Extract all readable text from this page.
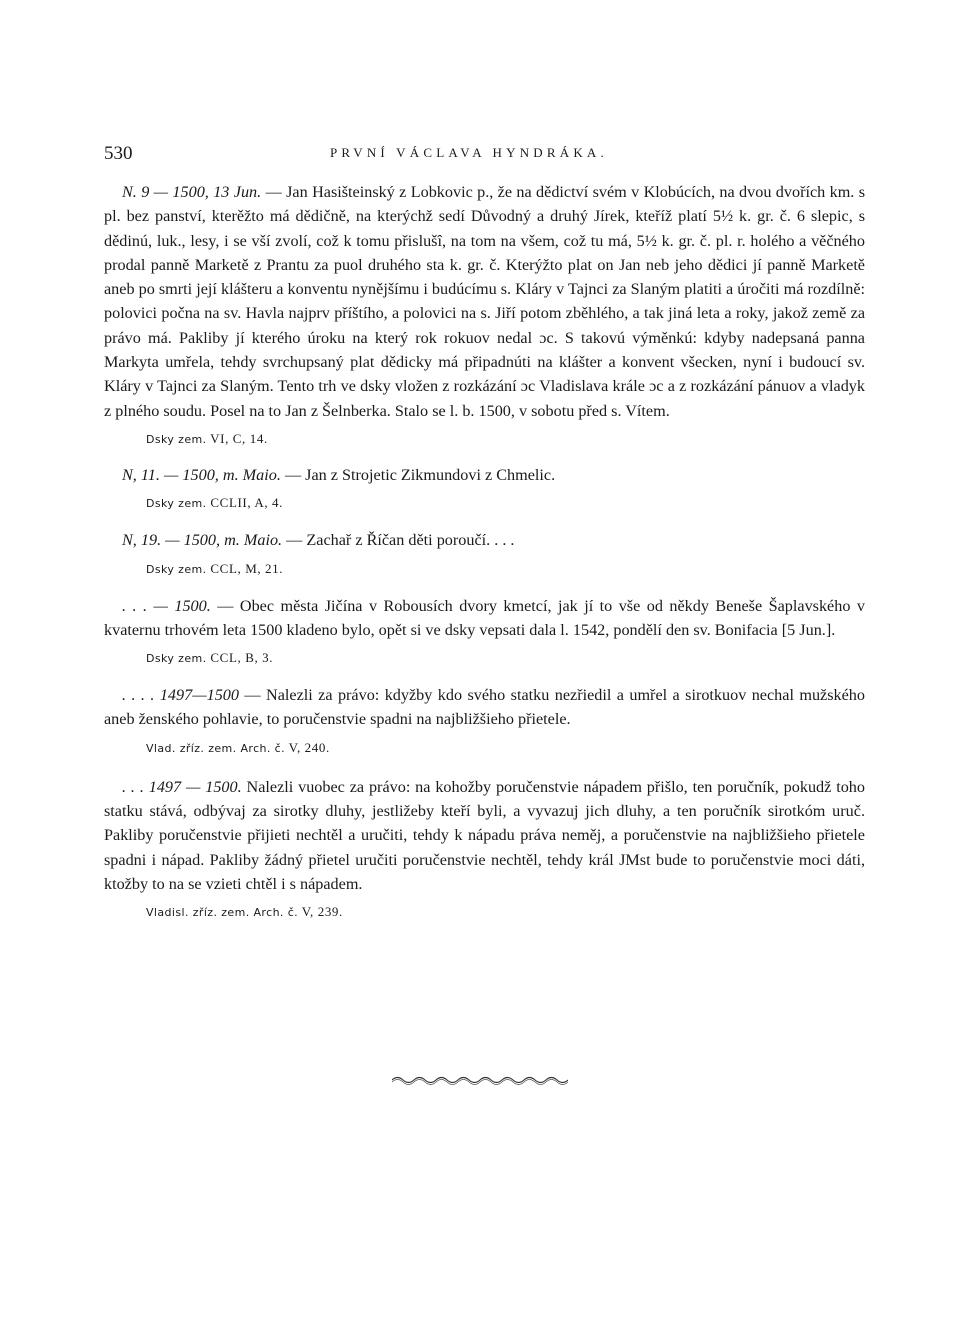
530	PRVNÍ VÁCLAVA HYNDRÁKA.

N. 9 — 1500, 13 Jun. — Jan Hasišteinský z Lobkovic p., že na dědictví svém v Klobúcích, na dvou dvořích km. s pl. bez panství, kterěžto má dědičně, na kterýchž sedí Důvodný a druhý Jírek, kteříž platí 5½ k. gr. č. 6 slepic, s dědinú, luk., lesy, i se vší zvolí, což k tomu přislušî, na tom na všem, což tu má, 5½ k. gr. č. pl. r. holého a věčného prodal panně Marketě z Prantu za puol druhého sta k. gr. č. Kterýžto plat on Jan neb jeho dědici jí panně Marketě aneb po smrti její klášteru a konventu nynějšímu i budúcímu s. Kláry v Tajnci za Slaným platiti a úročiti má rozdílně: polovici počna na sv. Havla najprv příštího, a polovici na s. Jiří potom zběhlého, a tak jiná leta a roky, jakož země za právo má. Pakliby jí kterého úroku na který rok rokuov nedal ɔc. S takovú výměnkú: kdyby nadepsaná panna Markyta umřela, tehdy svrchupsaný plat dědicky má připadnúti na klášter a konvent všecken, nyní i budoucí sv. Kláry v Tajnci za Slaným. Tento trh ve dsky vložen z rozkázání ɔc Vladislava krále ɔc a z rozkázání pánuov a vladyk z plného soudu. Posel na to Jan z Šelnberka. Stalo se l. b. 1500, v sobotu před s. Vítem.

Dsky zem. VI, C, 14.

N, 11. — 1500, m. Maio. — Jan z Strojetic Zikmundovi z Chmelic.

Dsky zem. CCLII, A, 4.

N, 19. — 1500, m. Maio. — Zachař z Říčan děti poroučí. . . .

Dsky zem. CCL, M, 21.

. . . — 1500. — Obec města Jičína v Robousích dvory kmetcí, jak jí to vše od někdy Beneše Šaplavského v kvaternu trhovém leta 1500 kladeno bylo, opět si ve dsky vepsati dala l. 1542, pondělí den sv. Bonifacia [5 Jun.].

Dsky zem. CCL, B, 3.

. . . . 1497—1500 — Nalezli za právo: kdyžby kdo svého statku nezřiedil a umřel a sirotkuov nechal mužského aneb ženského pohlavie, to poručenstvie spadni na najbližšieho přietele.

Vlad. zříz. zem. Arch. č. V, 240.

. . . 1497 — 1500. Nalezli vuobec za právo: na kohožby poručenstvie nápadem přišlo, ten poručník, pokudž toho statku stává, odbývaj za sirotky dluhy, jestližeby kteří byli, a vyvazuj jich dluhy, a ten poručník sirotkóm uruč. Pakliby poručenstvie přijieti nechtěl a uručiti, tehdy k nápadu práva neměj, a poručenstvie na najbližšieho přietele spadni i nápad. Pakliby žádný přietel uručiti poručenstvie nechtěl, tehdy král JMst bude to poručenstvie moci dáti, ktožby to na se vzieti chtěl i s nápadem.

Vladisl. zříz. zem. Arch. č. V, 239.
